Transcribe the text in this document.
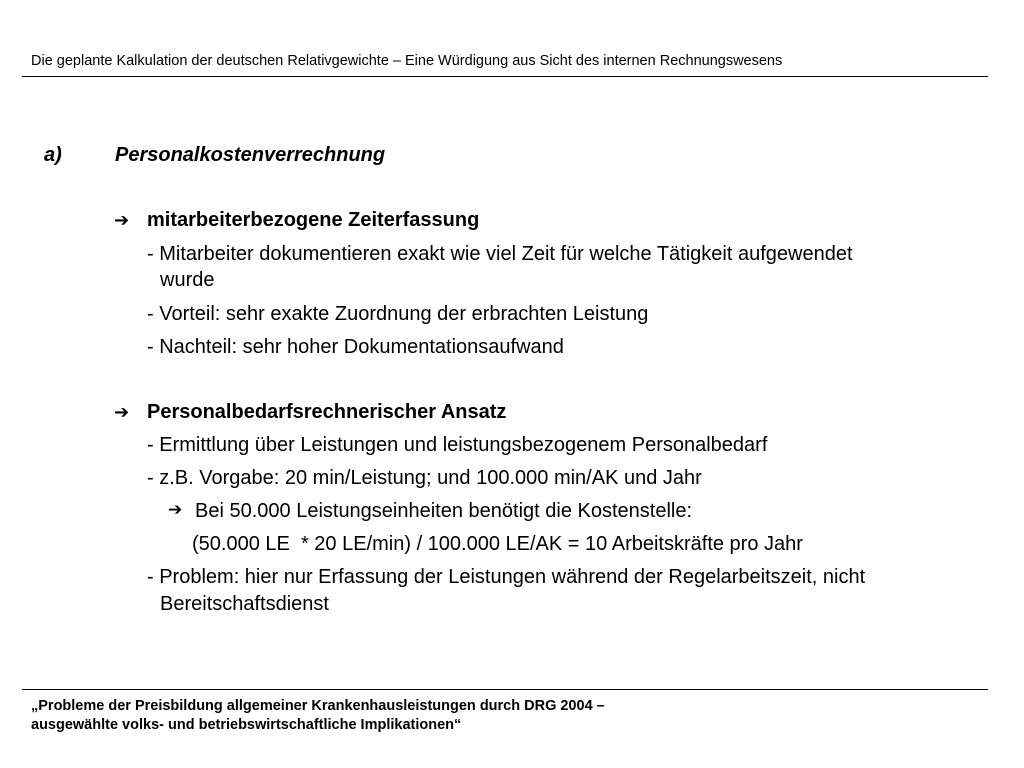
Die geplante Kalkulation der deutschen Relativgewichte – Eine Würdigung aus Sicht des internen Rechnungswesens
a)	Personalkostenverrechnung
➔ mitarbeiterbezogene Zeiterfassung
- Mitarbeiter dokumentieren exakt wie viel Zeit für welche Tätigkeit aufgewendet
wurde
- Vorteil: sehr exakte Zuordnung der erbrachten Leistung
- Nachteil: sehr hoher Dokumentationsaufwand
➔ Personalbedarfsrechnerischer Ansatz
- Ermittlung über Leistungen und leistungsbezogenem Personalbedarf
- z.B. Vorgabe: 20 min/Leistung; und 100.000 min/AK und Jahr
➔ Bei 50.000 Leistungseinheiten benötigt die Kostenstelle:
(50.000 LE  * 20 LE/min) / 100.000 LE/AK = 10 Arbeitskräfte pro Jahr
- Problem: hier nur Erfassung der Leistungen während der Regelarbeitszeit, nicht
Bereitschaftsdienst
„Probleme der Preisbildung allgemeiner Krankenhausleistungen durch DRG 2004 –
ausgewählte volks- und betriebswirtschaftliche Implikationen“
